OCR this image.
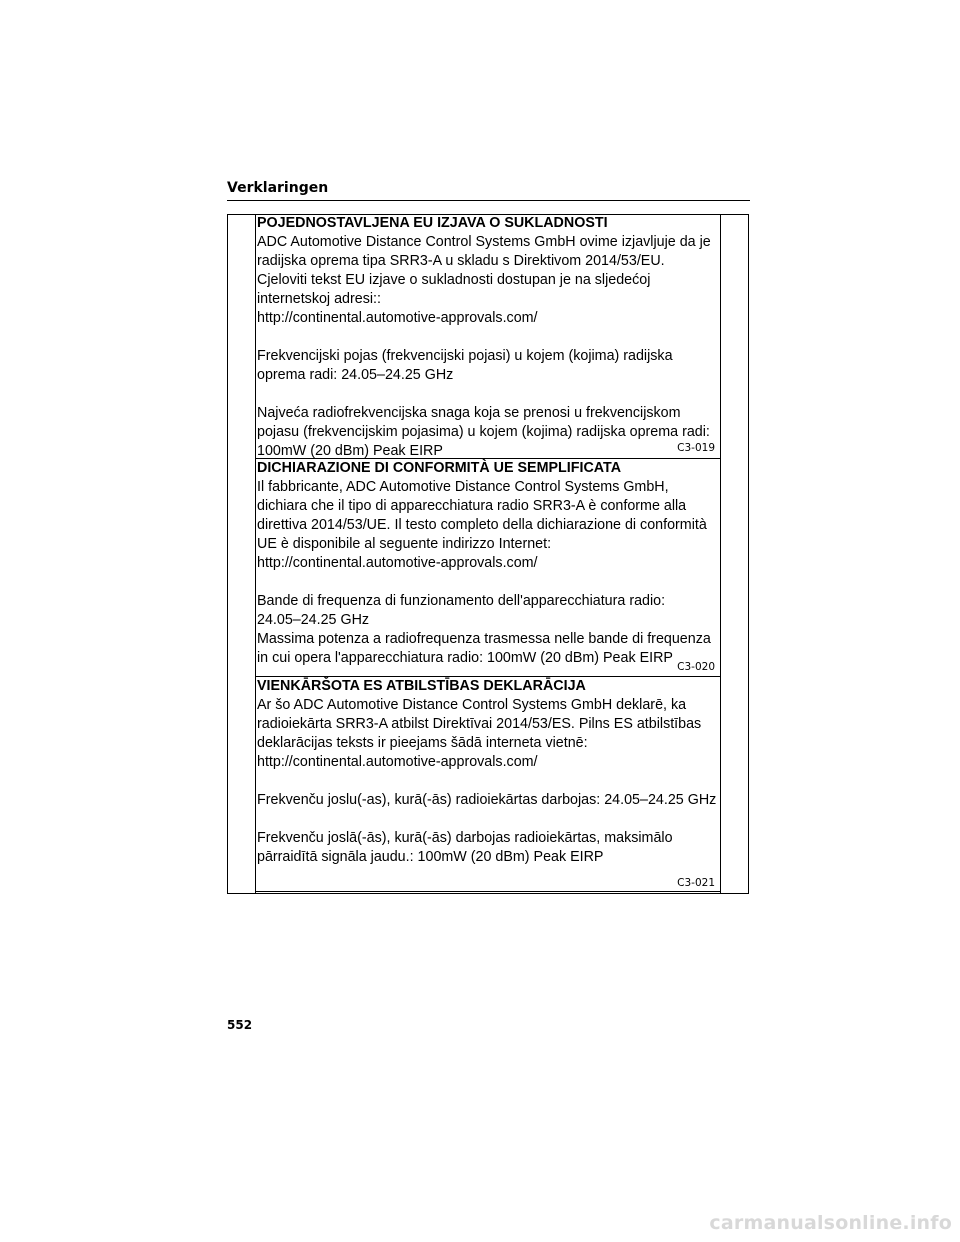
Verklaringen
POJEDNOSTAVLJENA EU IZJAVA O SUKLADNOSTI
ADC Automotive Distance Control Systems GmbH ovime izjavljuje da je
radijska oprema tipa SRR3-A u skladu s Direktivom 2014/53/EU.
Cjeloviti tekst EU izjave o sukladnosti dostupan je na sljedećoj
internetskoj adresi::
http://continental.automotive-approvals.com/
Frekvencijski pojas (frekvencijski pojasi) u kojem (kojima) radijska
oprema radi: 24.05–24.25 GHz
Najveća radiofrekvencijska snaga koja se prenosi u frekvencijskom
pojasu (frekvencijskim pojasima) u kojem (kojima) radijska oprema radi:
100mW (20 dBm) Peak EIRP	C3-019
DICHIARAZIONE DI CONFORMITÀ UE SEMPLIFICATA
Il fabbricante, ADC Automotive Distance Control Systems GmbH,
dichiara che il tipo di apparecchiatura radio SRR3-A è conforme alla
direttiva 2014/53/UE. Il testo completo della dichiarazione di conformità
UE è disponibile al seguente indirizzo Internet:
http://continental.automotive-approvals.com/
Bande di frequenza di funzionamento dell'apparecchiatura radio:
24.05–24.25 GHz
Massima potenza a radiofrequenza trasmessa nelle bande di frequenza
in cui opera l'apparecchiatura radio: 100mW (20 dBm) Peak EIRP
C3-020
VIENKĀRŠOTA ES ATBILSTĪBAS DEKLARĀCIJA
Ar šo ADC Automotive Distance Control Systems GmbH deklarē, ka
radioiekārta SRR3-A atbilst Direktīvai 2014/53/ES. Pilns ES atbilstības
deklarācijas teksts ir pieejams šādā interneta vietnē:
http://continental.automotive-approvals.com/
Frekvenču joslu(-as), kurā(-ās) radioiekārtas darbojas: 24.05–24.25 GHz
Frekvenču joslā(-ās), kurā(-ās) darbojas radioiekārtas, maksimālo
pārraidītā signāla jaudu.: 100mW (20 dBm) Peak EIRP
C3-021
552
carmanualsonline.info
